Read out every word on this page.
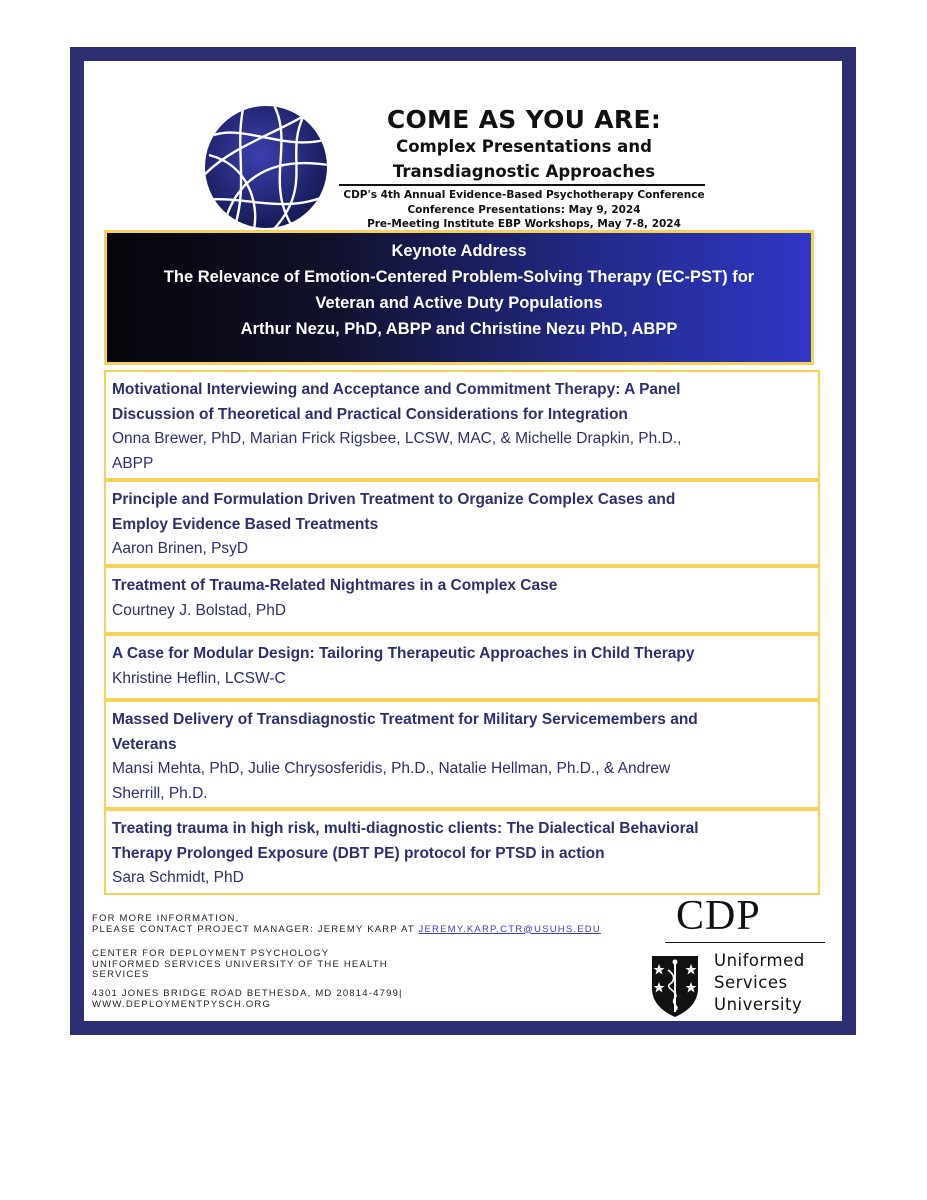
COME AS YOU ARE:
Complex Presentations and
Transdiagnostic Approaches
CDP's 4th Annual Evidence-Based Psychotherapy Conference
Conference Presentations: May 9, 2024
Pre-Meeting Institute EBP Workshops, May 7-8, 2024
Keynote Address
The Relevance of Emotion-Centered Problem-Solving Therapy (EC-PST) for
Veteran and Active Duty Populations
Arthur Nezu, PhD, ABPP and Christine Nezu PhD, ABPP
Motivational Interviewing and Acceptance and Commitment Therapy: A Panel
Discussion of Theoretical and Practical Considerations for Integration
Onna Brewer, PhD, Marian Frick Rigsbee, LCSW, MAC, & Michelle Drapkin, Ph.D.,
ABPP
Principle and Formulation Driven Treatment to Organize Complex Cases and
Employ Evidence Based Treatments
Aaron Brinen, PsyD
Treatment of Trauma-Related Nightmares in a Complex Case
Courtney J. Bolstad, PhD
A Case for Modular Design: Tailoring Therapeutic Approaches in Child Therapy
Khristine Heflin, LCSW-C
Massed Delivery of Transdiagnostic Treatment for Military Servicemembers and
Veterans
Mansi Mehta, PhD, Julie Chrysosferidis, Ph.D., Natalie Hellman, Ph.D., & Andrew
Sherrill, Ph.D.
Treating trauma in high risk, multi-diagnostic clients: The Dialectical Behavioral
Therapy Prolonged Exposure (DBT PE) protocol for PTSD in action
Sara Schmidt, PhD
FOR MORE INFORMATION,
PLEASE CONTACT PROJECT MANAGER: JEREMY KARP AT JEREMY.KARP.CTR@USUHS.EDU
CENTER FOR DEPLOYMENT PSYCHOLOGY
UNIFORMED SERVICES UNIVERSITY OF THE HEALTH
SERVICES
4301 JONES BRIDGE ROAD BETHESDA, MD 20814-4799|
WWW.DEPLOYMENTPYSCH.ORG
CDP
Uniformed
Services
University
